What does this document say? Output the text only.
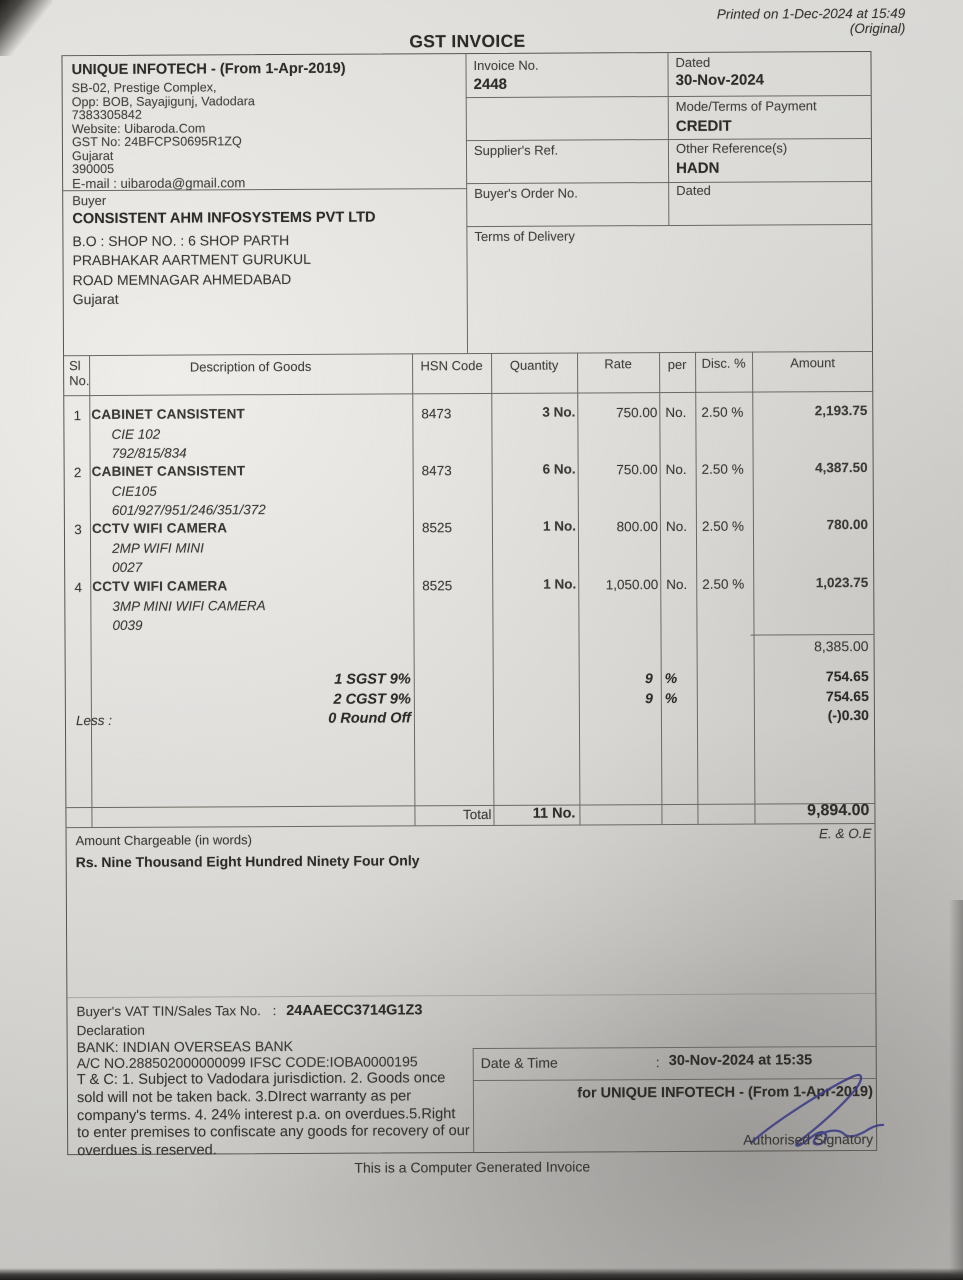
Printed on 1-Dec-2024 at 15:49
(Original)
GST INVOICE
UNIQUE INFOTECH - (From 1-Apr-2019)
SB-02, Prestige Complex,
Opp: BOB, Sayajigunj, Vadodara
7383305842
Website: Uibaroda.Com
GST No: 24BFCPS0695R1ZQ
Gujarat
390005
E-mail : uibaroda@gmail.com
Buyer
CONSISTENT AHM INFOSYSTEMS PVT LTD
B.O : SHOP NO. : 6 SHOP PARTH
PRABHAKAR AARTMENT GURUKUL
ROAD MEMNAGAR AHMEDABAD
Gujarat
Invoice No.
2448
Dated
30-Nov-2024
Mode/Terms of Payment
CREDIT
Supplier's Ref.	Other Reference(s)
HADN
Buyer's Order No.	Dated
Terms of Delivery
Sl
No.
Description of Goods	HSN Code	Quantity	Rate	per	Disc. %	Amount
1 CABINET CANSISTENT
CIE 102
792/815/834
8473	3 No.	750.00 No. 2.50 %	2,193.75
2 CABINET CANSISTENT
CIE105
601/927/951/246/351/372
8473	6 No.	750.00 No. 2.50 %	4,387.50
3 CCTV WIFI CAMERA
2MP WIFI MINI
0027
8525	1 No.	800.00 No. 2.50 %	780.00
4 CCTV WIFI CAMERA
3MP MINI WIFI CAMERA
0039
8525	1 No.	1,050.00 No. 2.50 %	1,023.75
8,385.00
1 SGST 9%	9 %	754.65
2 CGST 9%	9 %	754.65
Less :	0 Round Off	(-)0.30
Total	11 No.	9,894.00
E. & O.E
Amount Chargeable (in words)
Rs. Nine Thousand Eight Hundred Ninety Four Only
Buyer's VAT TIN/Sales Tax No. : 24AAECC3714G1Z3
Declaration
BANK: INDIAN OVERSEAS BANK
A/C NO.288502000000099 IFSC CODE:IOBA0000195
T & C: 1. Subject to Vadodara jurisdiction. 2. Goods once sold will not be taken back. 3.DIrect warranty as per company's terms. 4. 24% interest p.a. on overdues.5.Right to enter premises to confiscate any goods for recovery of our overdues is reserved.
Date & Time	: 30-Nov-2024 at 15:35
for UNIQUE INFOTECH - (From 1-Apr-2019)
Authorised Signatory
This is a Computer Generated Invoice
